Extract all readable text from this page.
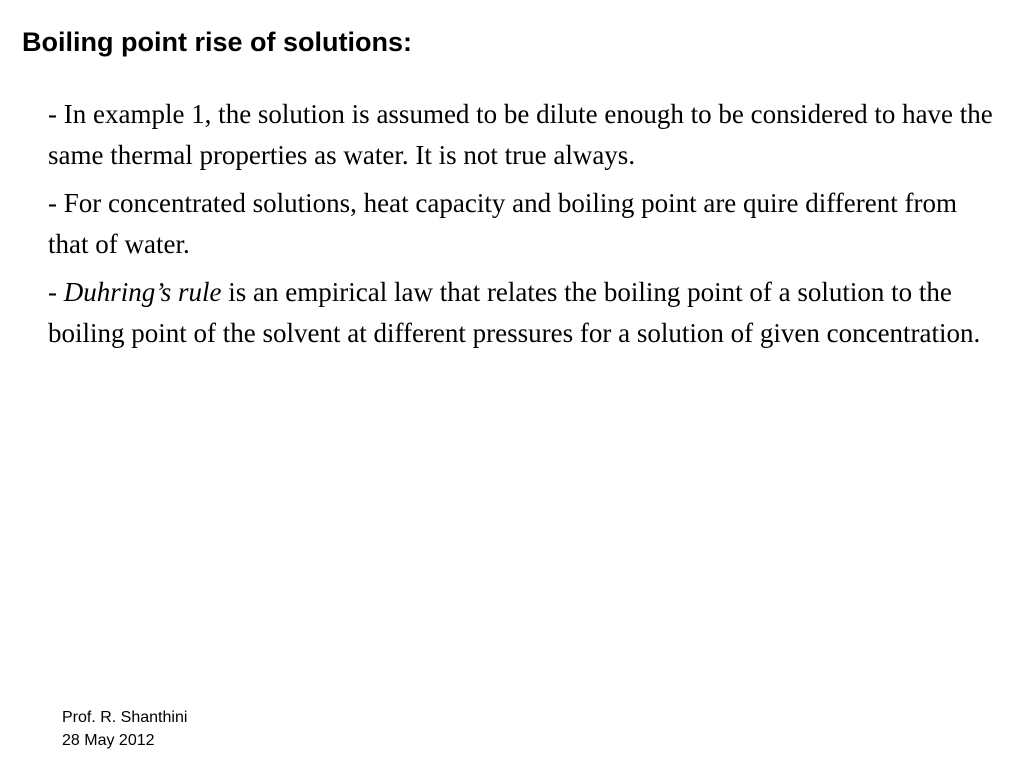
Boiling point rise of solutions:

- In example 1, the solution is assumed to be dilute enough to be considered to have the same thermal properties as water. It is not true always.

- For concentrated solutions, heat capacity and boiling point are quire different from that of water.

- Duhring’s rule is an empirical law that relates the boiling point of a solution to the boiling point of the solvent at different pressures for a solution of given concentration.

Prof. R. Shanthini
28 May 2012
